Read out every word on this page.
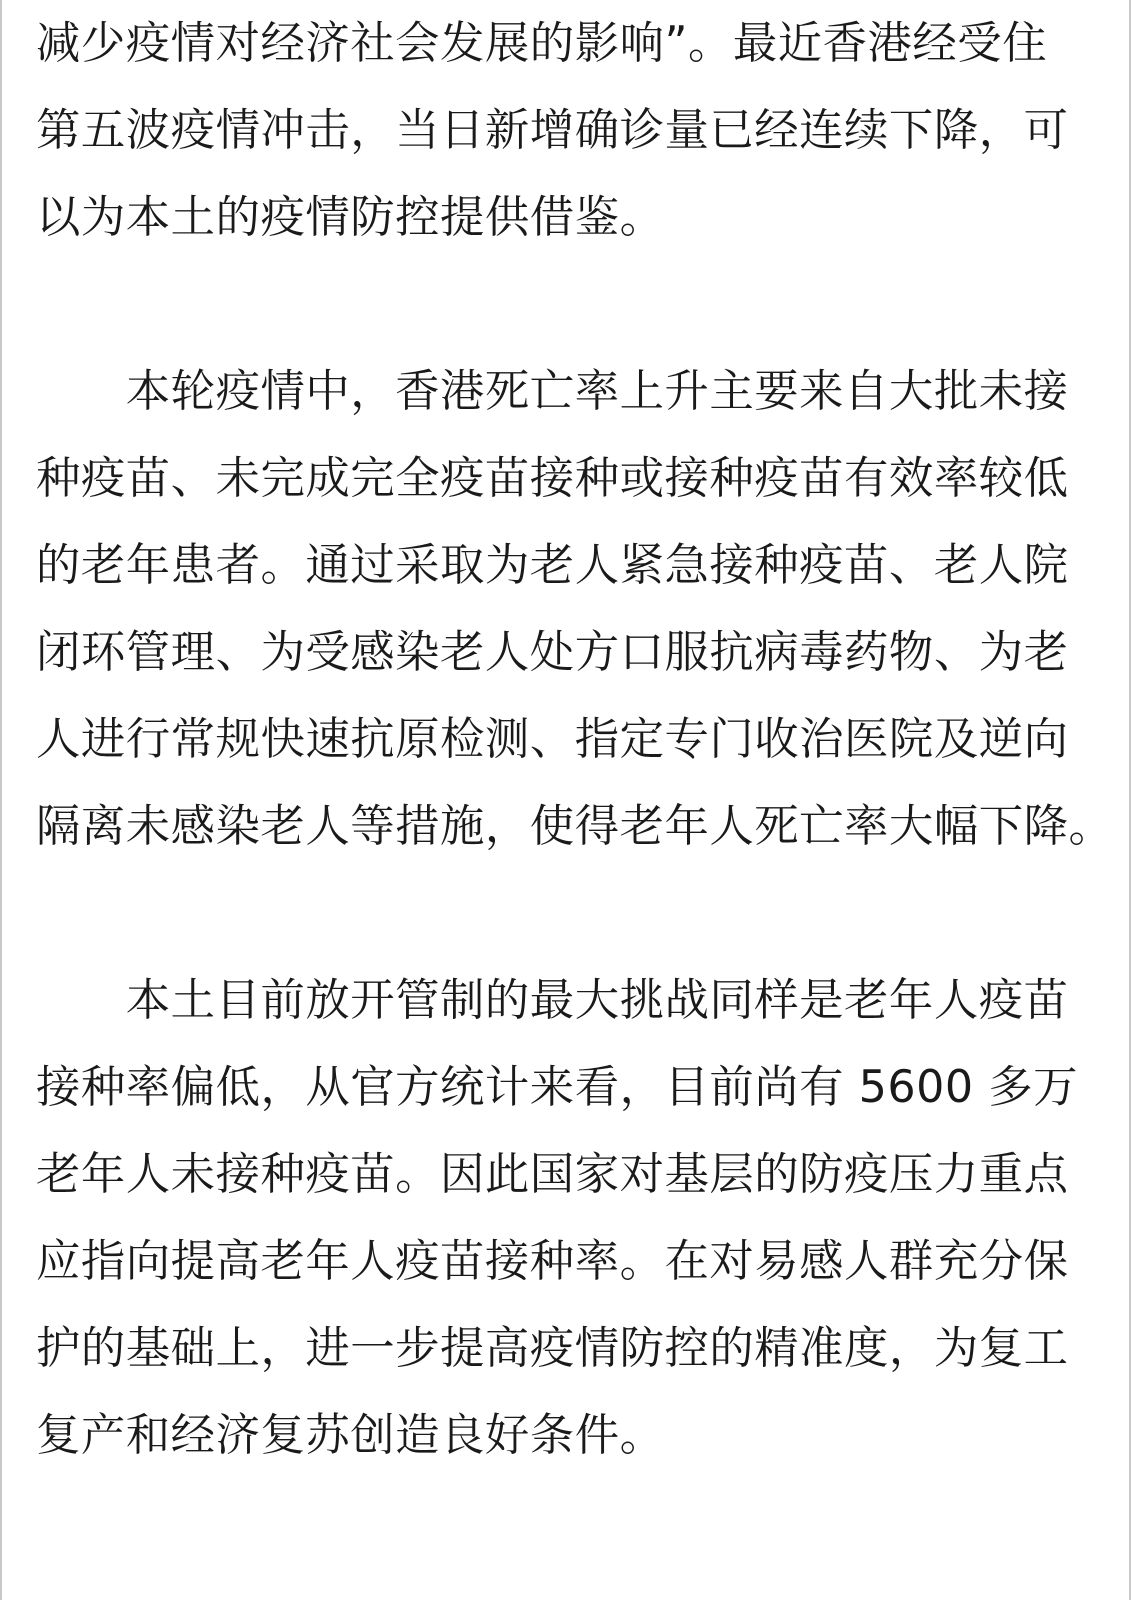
减少疫情对经济社会发展的影响”。最近香港经受住
第五波疫情冲击，当日新增确诊量已经连续下降，可
以为本土的疫情防控提供借鉴。
　　本轮疫情中，香港死亡率上升主要来自大批未接
种疫苗、未完成完全疫苗接种或接种疫苗有效率较低
的老年患者。通过采取为老人紧急接种疫苗、老人院
闭环管理、为受感染老人处方口服抗病毒药物、为老
人进行常规快速抗原检测、指定专门收治医院及逆向
隔离未感染老人等措施，使得老年人死亡率大幅下降。
　　本土目前放开管制的最大挑战同样是老年人疫苗
接种率偏低，从官方统计来看，目前尚有 5600 多万
老年人未接种疫苗。因此国家对基层的防疫压力重点
应指向提高老年人疫苗接种率。在对易感人群充分保
护的基础上，进一步提高疫情防控的精准度，为复工
复产和经济复苏创造良好条件。
